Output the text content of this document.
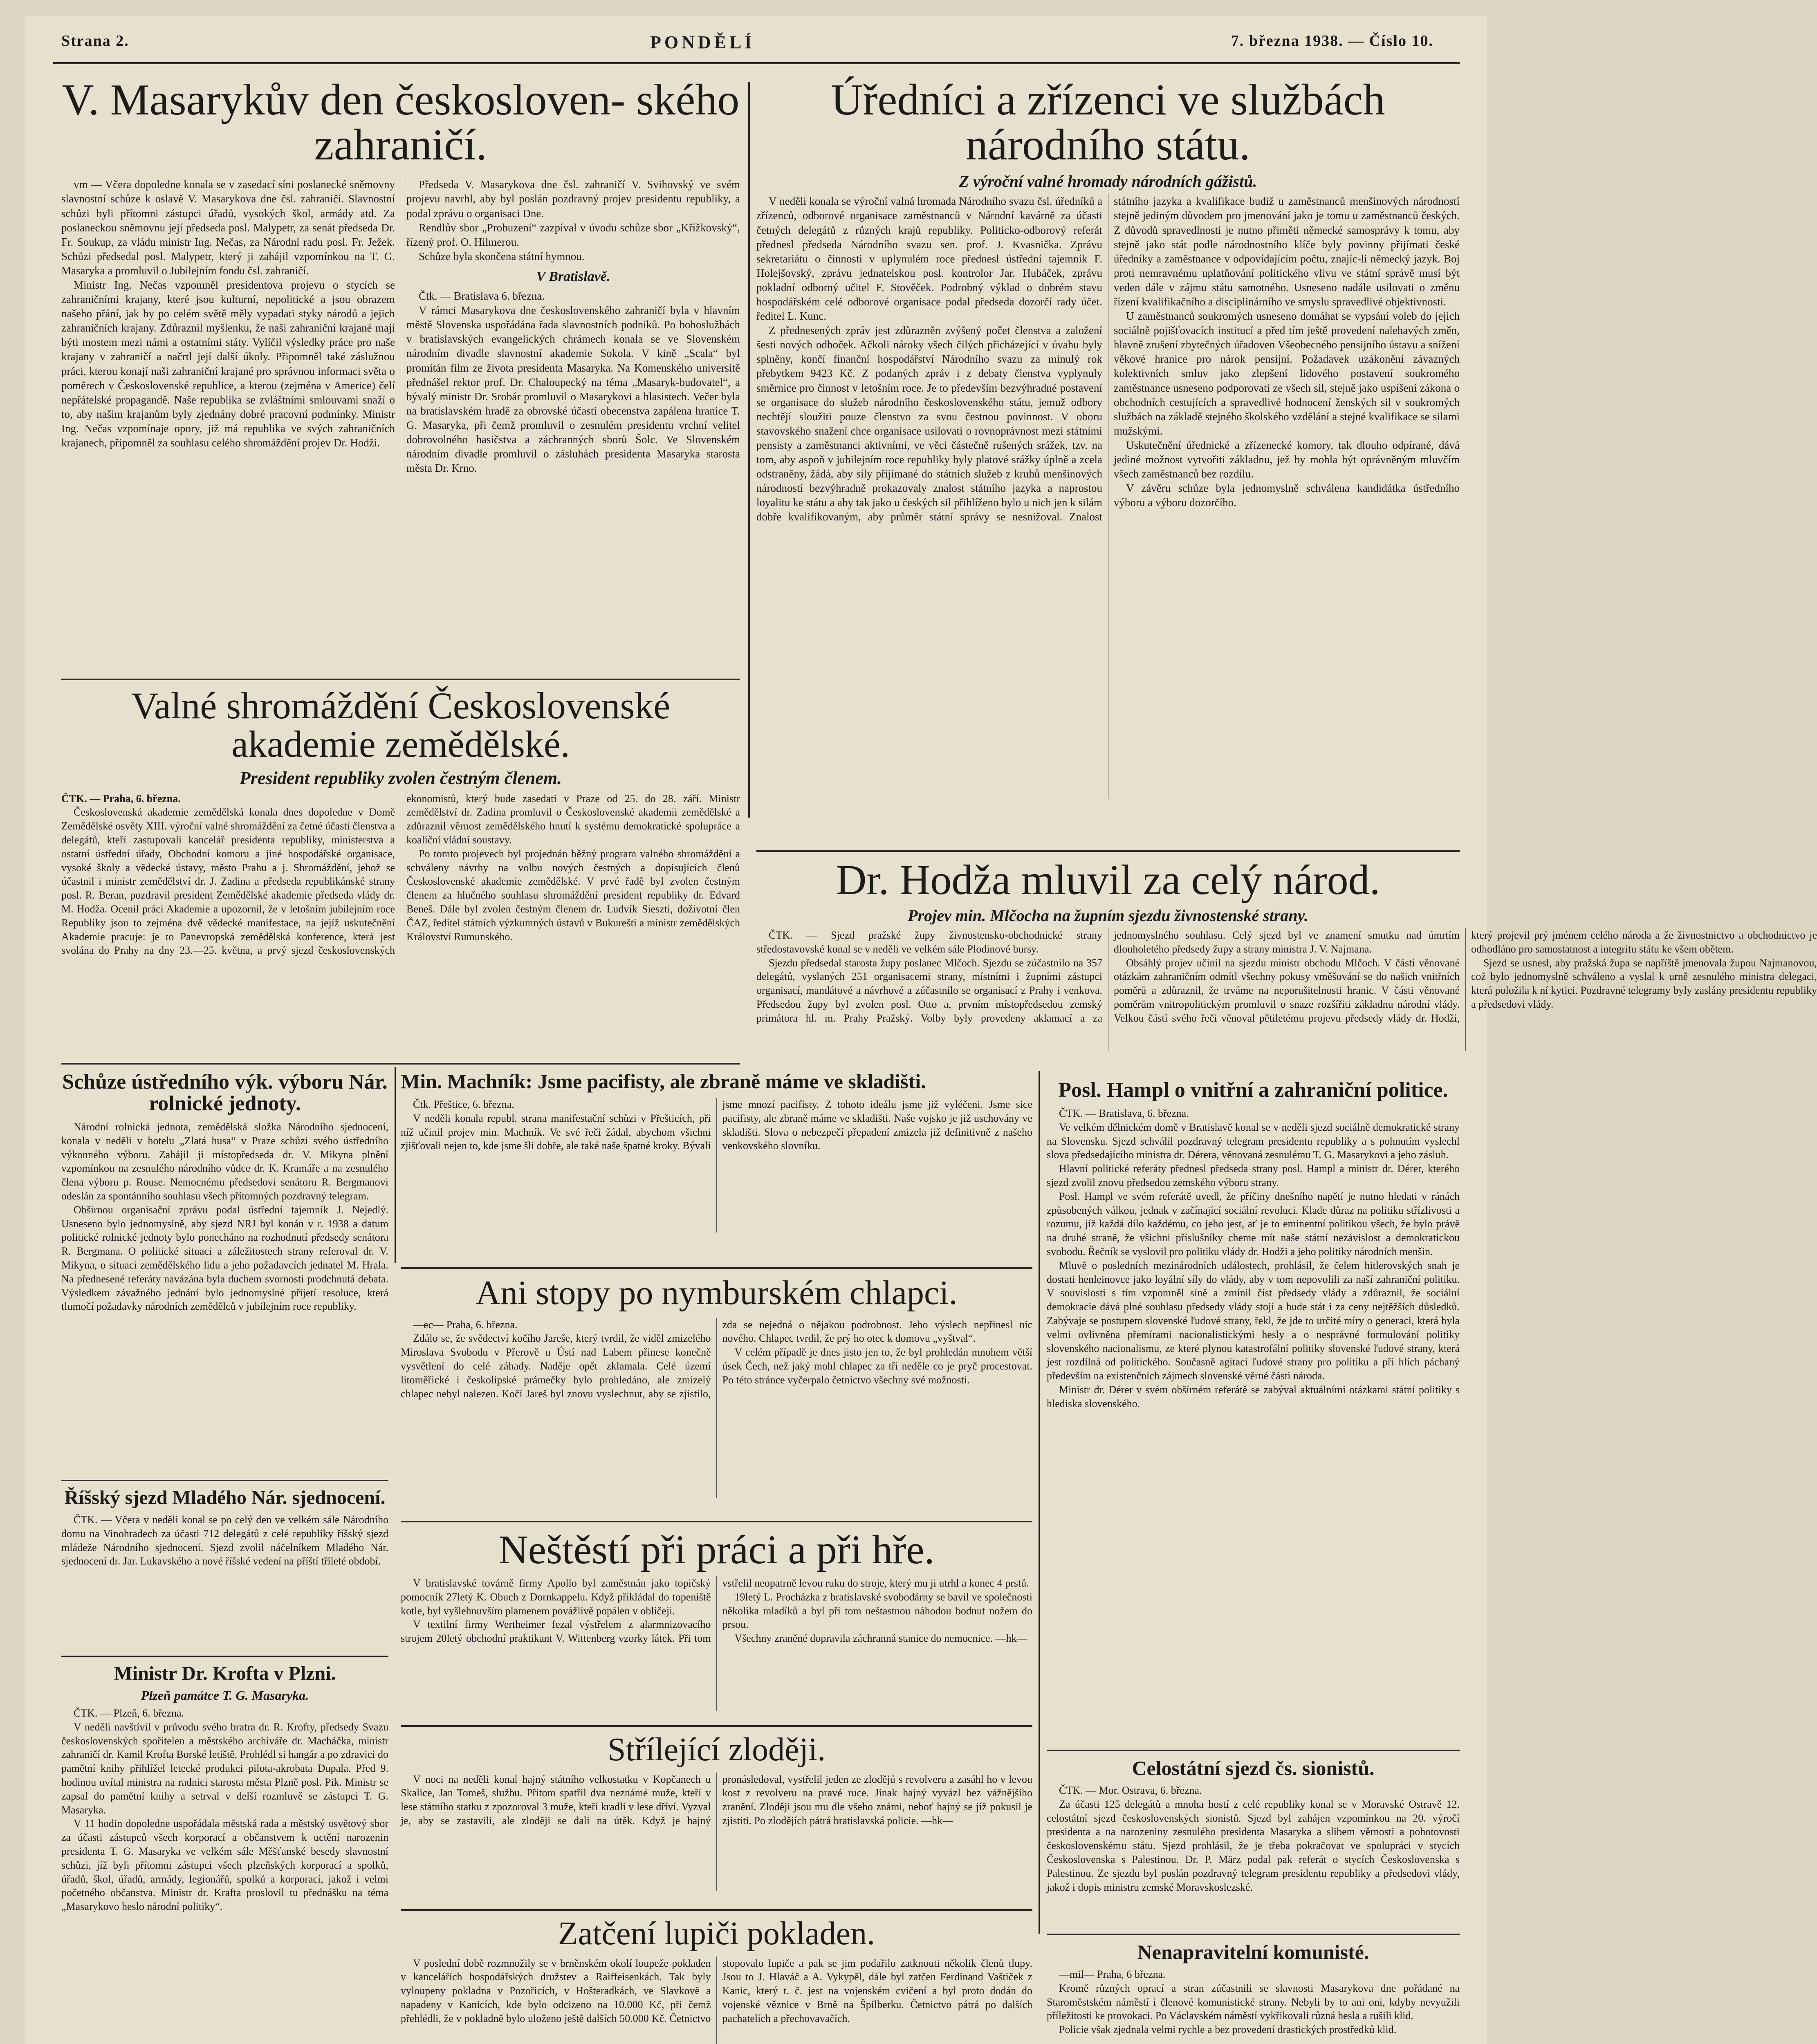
Strana 2.	PONDĚLÍ	7. března 1938. — Číslo 10.
V. Masarykův den českosloven- ského zahraničí.

vm — Včera dopoledne konala se v zasedací síni poslanecké sněmovny slavnostní schůze k oslavě V. Masarykova dne čsl. zahraničí. Slavnostní schůzi byli přítomni zástupci úřadů, vysokých škol, armády atd. Za poslaneckou sněmovnu její předseda posl. Malypetr, za senát předseda Dr. Fr. Soukup, za vládu ministr Ing. Nečas, za Národní radu posl. Fr. Ježek. Schůzi předsedal posl. Malypetr, který ji zahájil vzpomínkou na T. G. Masaryka a promluvil o Jubilejním fondu čsl. zahraničí.

Ministr Ing. Nečas vzpomněl presidentova projevu o stycích se zahraničními krajany, které jsou kulturní, nepolitické a jsou obrazem našeho přání, jak by po celém světě měly vypadati styky národů a jejich zahraničních krajany. Zdůraznil myšlenku, že naši zahraniční krajané mají býti mostem mezi námi a ostatními státy. Vylíčil výsledky práce pro naše krajany v zahraničí a načrtl její další úkoly. Připomněl také záslužnou práci, kterou konají naši zahraniční krajané pro správnou informaci světa o poměrech v Československé republice, a kterou (zejména v Americe) čelí nepřátelské propagandě. Naše republika se zvláštními smlouvami snaží o to, aby našim krajanům byly zjednány dobré pracovní podmínky. Ministr Ing. Nečas vzpomínaje opory, již má republika ve svých zahraničních krajanech, připomněl za souhlasu celého shromáždění projev Dr. Hodži.

Předseda V. Masarykova dne čsl. zahraničí V. Svihovský ve svém projevu navrhl, aby byl poslán pozdravný projev presidentu republiky, a podal zprávu o organisaci Dne.

Rendlův sbor „Probuzení“ zazpíval v úvodu schůze sbor „Křížkovský“, řízený prof. O. Hilmerou.

Schůze byla skončena státní hymnou.

V Bratislavě.

Čtk. — Bratislava 6. března.

V rámci Masarykova dne československého zahraničí byla v hlavním městě Slovenska uspořádána řada slavnostních podniků. Po bohoslužbách v bratislavských evangelických chrámech konala se ve Slovenském národním divadle slavnostní akademie Sokola. V kině „Scala“ byl promítán film ze života presidenta Masaryka. Na Komenského universitě přednášel rektor prof. Dr. Chaloupecký na téma „Masaryk-budovatel“, a bývalý ministr Dr. Srobár promluvil o Masarykovi a hlasistech. Večer byla na bratislavském hradě za obrovské účasti obecenstva zapálena hranice T. G. Masaryka, při čemž promluvil o zesnulém presidentu vrchní velitel dobrovolného hasičstva a záchranných sborů Šolc. Ve Slovenském národním divadle promluvil o zásluhách presidenta Masaryka starosta města Dr. Krno.

Úředníci a zřízenci ve službách národního státu.
Z výroční valné hromady národních gážistů.

V neděli konala se výroční valná hromada Národního svazu čsl. úředníků a zřízenců, odborové organisace zaměstnanců v Národní kavárně za účasti četných delegátů z různých krajů republiky. Politicko-odborový referát přednesl předseda Národního svazu sen. prof. J. Kvasnička. Zprávu sekretariátu o činnosti v uplynulém roce přednesl ústřední tajemník F. Holejšovský, zprávu jednatelskou posl. kontrolor Jar. Hubáček, zprávu pokladní odborný učitel F. Stověček. Podrobný výklad o dobrém stavu hospodářském celé odborové organisace podal předseda dozorčí rady účet. ředitel L. Kunc.

Z přednesených zpráv jest zdůrazněn zvýšený počet členstva a založení šesti nových odboček. Ačkoli nároky všech čilých přicházející v úvahu byly splněny, končí finanční hospodářství Národního svazu za minulý rok přebytkem 9423 Kč. Z podaných zpráv i z debaty členstva vyplynuly směrnice pro činnost v letošním roce. Je to především bezvýhradné postavení se organisace do služeb národního československého státu, jemuž odbory nechtějí sloužiti pouze členstvo za svou čestnou povinnost. V oboru stavovského snažení chce organisace usilovati o rovnoprávnost mezi státními pensisty a zaměstnanci aktivními, ve věci částečně rušených srážek, tzv. na tom, aby aspoň v jubilejním roce republiky byly platové srážky úplně a zcela odstraněny, žádá, aby síly přijímané do státních služeb z kruhů menšinových národností bezvýhradně prokazovaly znalost státního jazyka a naprostou loyalitu ke státu a aby tak jako u českých sil přihlíženo bylo u nich jen k silám dobře kvalifikovaným, aby průměr státní správy se nesnižoval. Znalost státního jazyka a kvalifikace budiž u zaměstnanců menšinových národností stejně jediným důvodem pro jmenování jako je tomu u zaměstnanců českých. Z důvodů spravedlnosti je nutno přiměti německé samosprávy k tomu, aby stejně jako stát podle národnostního klíče byly povinny přijímati české úředníky a zaměstnance v odpovídajícím počtu, znajíc-li německý jazyk. Boj proti nemravnému uplatňování politického vlivu ve státní správě musí být veden dále v zájmu státu samotného. Usneseno nadále usilovati o změnu řízení kvalifikačního a disciplinárního ve smyslu spravedlivé objektivnosti.

U zaměstnanců soukromých usneseno domáhat se vypsání voleb do jejich sociálně pojišťovacích institucí a před tím ještě provedení nalehavých změn, hlavně zrušení zbytečných úřadoven Všeobecného pensijního ústavu a snížení věkové hranice pro nárok pensijní. Požadavek uzákonění závazných kolektivních smluv jako zlepšení lidového postavení soukromého zaměstnance usneseno podporovati ze všech sil, stejně jako uspíšení zákona o obchodních cestujících a spravedlivé hodnocení ženských sil v soukromých službách na základě stejného školského vzdělání a stejné kvalifikace se silami mužskými.

Uskutečnění úřednické a zřízenecké komory, tak dlouho odpírané, dává jediné možnost vytvořiti základnu, jež by mohla být oprávněným mluvčím všech zaměstnanců bez rozdílu.

V závěru schůze byla jednomyslně schválena kandidátka ústředního výboru a výboru dozorčího.

Valné shromáždění Československé akademie zemědělské.
President republiky zvolen čestným členem.

ČTK. — Praha, 6. března.

Československá akademie zemědělská konala dnes dopoledne v Domě Zemědělské osvěty XIII. výroční valné shromáždění za četné účasti členstva a delegátů, kteří zastupovali kancelář presidenta republiky, ministerstva a ostatní ústřední úřady, Obchodní komoru a jiné hospodářské organisace, vysoké školy a vědecké ústavy, město Prahu a j. Shromáždění, jehož se účastnil i ministr zemědělství dr. J. Zadina a předseda republikánské strany posl. R. Beran, pozdravil president Zemědělské akademie předseda vlády dr. M. Hodža. Ocenil práci Akademie a upozornil, že v letošním jubilejním roce Republiky jsou to zejména dvě vědecké manifestace, na jejíž uskutečnění Akademie pracuje: je to Panevropská zemědělská konference, která jest svolána do Prahy na dny 23.—25. května, a prvý sjezd československých ekonomistů, který bude zasedati v Praze od 25. do 28. září. Ministr zemědělství dr. Zadina promluvil o Československé akademii zemědělské a zdůraznil věrnost zemědělského hnutí k systému demokratické spolupráce a koaliční vládní soustavy.

Po tomto projevech byl projednán běžný program valného shromáždění a schváleny návrhy na volbu nových čestných a dopisujících členů Československé akademie zemědělské. V prvé řadě byl zvolen čestným členem za hlučného souhlasu shromáždění president republiky dr. Edvard Beneš. Dále byl zvolen čestným členem dr. Ludvík Sieszti, doživotní člen ČAZ, ředitel státních výzkumných ústavů v Bukurešti a ministr zemědělských Království Rumunského.

Dr. Hodža mluvil za celý národ.
Projev min. Mlčocha na župním sjezdu živnostenské strany.

ČTK. — Sjezd pražské župy živnostensko-obchodnické strany středostavovské konal se v neděli ve velkém sále Plodinové bursy.

Sjezdu předsedal starosta župy poslanec Mlčoch. Sjezdu se zúčastnilo na 357 delegátů, vyslaných 251 organisacemi strany, místními i župními zástupci organisací, mandátové a návrhové a zúčastnilo se organisací z Prahy i venkova. Předsedou župy byl zvolen posl. Otto a, prvním místopředsedou zemský primátora hl. m. Prahy Pražský. Volby byly provedeny aklamací a za jednomyslného souhlasu. Celý sjezd byl ve znamení smutku nad úmrtím dlouholetého předsedy župy a strany ministra J. V. Najmana.

Obsáhlý projev učinil na sjezdu ministr obchodu Mlčoch. V části věnované otázkám zahraničním odmítl všechny pokusy vměšování se do našich vnitřních poměrů a zdůraznil, že trváme na neporušitelnosti hranic. V části věnované poměrům vnitropolitickým promluvil o snaze rozšířiti základnu národní vlády. Velkou částí svého řeči věnoval pětiletému projevu předsedy vlády dr. Hodži, který projevil prý jménem celého národa a že živnostnictvo a obchodnictvo je odhodláno pro samostatnost a integritu státu ke všem obětem.

Sjezd se usnesl, aby pražská župa se napříště jmenovala župou Najmanovou, což bylo jednomyslně schváleno a vyslal k urně zesnulého ministra delegaci, která položila k ní kytici. Pozdravné telegramy byly zaslány presidentu republiky a předsedovi vlády.

Schůze ústředního výk. výboru Nár. rolnické jednoty.

Národní rolnická jednota, zemědělská složka Národního sjednocení, konala v neděli v hotelu „Zlatá husa“ v Praze schůzi svého ústředního výkonného výboru. Zahájil ji místopředseda dr. V. Mikyna plnění vzpomínkou na zesnulého národního vůdce dr. K. Kramáře a na zesnulého člena výboru p. Rouse. Nemocnému předsedovi senátoru R. Bergmanovi odeslán za spontánního souhlasu všech přítomných pozdravný telegram.

Obširnou organisační zprávu podal ústřední tajemník J. Nejedlý. Usneseno bylo jednomyslně, aby sjezd NRJ byl konán v r. 1938 a datum politické rolnické jednoty bylo ponecháno na rozhodnutí předsedy senátora R. Bergmana. O politické situaci a záležitostech strany referoval dr. V. Mikyna, o situaci zemědělského lidu a jeho požadavcích jednatel M. Hrala. Na přednesené referáty navázána byla duchem svornosti prodchnutá debata. Výsledkem závažného jednání bylo jednomyslné přijetí resoluce, která tlumočí požadavky národních zemědělců v jubilejním roce republiky.

Min. Machník: Jsme pacifisty, ale zbraně máme ve skladišti.

Čtk. Přeštice, 6. března.

V neděli konala republ. strana manifestační schůzi v Přešticích, při níž učinil projev min. Machník. Ve své řeči žádal, abychom všichni zjišťovali nejen to, kde jsme šli dobře, ale také naše špatné kroky. Bývali jsme mnozí pacifisty. Z tohoto ideálu jsme již vyléčeni. Jsme sice pacifisty, ale zbraně máme ve skladišti. Naše vojsko je již uschovány ve skladišti. Slova o nebezpečí přepadení zmizela již definitivně z našeho venkovského slovníku.

Posl. Hampl o vnitřní a zahraniční politice.

ČTK. — Bratislava, 6. března.

Ve velkém dělnickém domě v Bratislavě konal se v neděli sjezd sociálně demokratické strany na Slovensku. Sjezd schválil pozdravný telegram presidentu republiky a s pohnutím vyslechl slova předsedajícího ministra dr. Dérera, věnovaná zesnulému T. G. Masarykovi a jeho zásluh.

Hlavní politické referáty přednesl předseda strany posl. Hampl a ministr dr. Dérer, kterého sjezd zvolil znovu předsedou zemského výboru strany.

Posl. Hampl ve svém referátě uvedl, že příčiny dnešního napětí je nutno hledati v ránách způsobených válkou, jednak v začínající sociální revoluci. Klade důraz na politiku střízlivosti a rozumu, jíž každá dílo každému, co jeho jest, ať je to eminentní politikou všech, že bylo právě na druhé straně, že všichni příslušníky cheme mít naše státní nezávislost a demokratickou svobodu. Řečník se vyslovil pro politiku vlády dr. Hodži a jeho politiky národních menšin.

Mluvě o posledních mezinárodních událostech, prohlásil, že čelem hitlerovských snah je dostati henleinovce jako loyální síly do vlády, aby v tom nepovolili za naší zahraniční politiku. V souvislosti s tím vzpomněl síně a zmínil číst předsedy vlády a zdůraznil, že sociální demokracie dává plné souhlasu předsedy vlády stojí a bude stát i za ceny nejtěžších důsledků. Zabývaje se postupem slovenské ľudové strany, řekl, že jde to určité míry o generaci, která byla velmi ovlivněna přemírami nacionalistickými hesly a o nesprávné formulování politiky slovenského nacionalismu, ze které plynou katastrofální politiky slovenské ľudové strany, která jest rozdílná od politického. Současně agitaci ľudové strany pro politiku a při hlích páchaný především na existenčních zájmech slovenské věrné části národa.

Ministr dr. Dérer v svém obšírném referátě se zabýval aktuálními otázkami státní politiky s hlediska slovenského.

Ani stopy po nymburském chlapci.

—ec— Praha, 6. března.

Zdálo se, že svědectví kočího Jareše, který tvrdil, že viděl zmizelého Miroslava Svobodu v Přerově u Ústí nad Labem přinese konečně vysvětlení do celé záhady. Naděje opět zklamala. Celé území litoměřické i českolipské prámečky bylo prohledáno, ale zmizelý chlapec nebyl nalezen. Kočí Jareš byl znovu vyslechnut, aby se zjistilo, zda se nejedná o nějakou podrobnost. Jeho výslech nepřinesl nic nového. Chlapec tvrdil, že prý ho otec k domovu „vyštval“.

V celém případě je dnes jisto jen to, že byl prohledán mnohem větší úsek Čech, než jaký mohl chlapec za tři neděle co je pryč procestovat. Po této stránce vyčerpalo četnictvo všechny své možnosti.

Říšský sjezd Mladého Nár. sjednocení.

ČTK. — Včera v neděli konal se po celý den ve velkém sále Národního domu na Vinohradech za účasti 712 delegátů z celé republiky říšský sjezd mládeže Národního sjednocení. Sjezd zvolil náčelníkem Mladého Nár. sjednocení dr. Jar. Lukavského a nové říšské vedení na příští tříleté období.	Neštěstí při práci a při hře.

V bratislavské továrně firmy Apollo byl zaměstnán jako topičský pomocník 27letý K. Obuch z Dornkappelu. Když přikládal do topeniště kotle, byl vyšlehnuvším plamenem povážlivě popálen v obličeji.

V textilní firmy Wertheimer fezal výstřelem z alarmnizovacího strojem 20letý obchodní praktikant V. Wittenberg vzorky látek. Při tom vstřelil neopatrně levou ruku do stroje, který mu ji utrhl a konec 4 prstů.

19letý L. Procházka z bratislavské svobodárny se bavil ve společnosti několika mladíků a byl při tom neštastnou náhodou bodnut nožem do prsou.

Všechny zraněné dopravila záchranná stanice do nemocnice. —hk—

Ministr Dr. Krofta v Plzni.
Plzeň památce T. G. Masaryka.

ČTK. — Plzeň, 6. března.

V neděli navštívil v průvodu svého bratra dr. R. Krofty, předsedy Svazu československých spořitelen a městského archiváře dr. Macháčka, ministr zahraničí dr. Kamil Krofta Borské letiště. Prohlédl si hangár a po zdravici do pamětní knihy přihlížel letecké produkci pilota-akrobata Dupala. Před 9. hodinou uvítal ministra na radnici starosta města Plzně posl. Pik. Ministr se zapsal do pamětní knihy a setrval v delší rozmluvě se zástupci T. G. Masaryka.

V 11 hodin dopoledne uspořádala městská rada a městský osvětový sbor za účasti zástupců všech korporací a občanstvem k uctění narozenin presidenta T. G. Masaryka ve velkém sále Měšťanské besedy slavnostní schůzi, jíž byli přítomni zástupci všech plzeňských korporací a spolků, úřadů, škol, úřadů, armády, legionářů, spolků a korporací, jakož i velmi početného občanstva. Ministr dr. Krafta proslovil tu přednášku na téma „Masarykovo heslo národní politiky“.

Střílející zloději.

V noci na neděli konal hajný státního velkostatku v Kopčanech u Skalice, Jan Tomeš, službu. Přitom spatřil dva neznámé muže, kteří v lese státního statku z zpozoroval 3 muže, kteří kradli v lese dříví. Vyzval je, aby se zastavili, ale zloději se dali na útěk. Když je hajný pronásledoval, vystřelil jeden ze zlodějů s revolveru a zasáhl ho v levou kost z revolveru na pravé ruce. Jinak hajný vyvázl bez vážnějšího zranění. Zloději jsou mu dle všeho známi, neboť hajný se jíž pokusil je zjistiti. Po zlodějích pátrá bratislavská policie. —hk—

Celostátní sjezd čs. sionistů.

ČTK. — Mor. Ostrava, 6. března.

Za účasti 125 delegátů a mnoha hostí z celé republiky konal se v Moravské Ostravě 12. celostátní sjezd československých sionistů. Sjezd byl zahájen vzpomínkou na 20. výročí presidenta a na narozeniny zesnulého presidenta Masaryka a slibem věrnosti a pohotovosti československému státu. Sjezd prohlásil, že je třeba pokračovat ve spolupráci v stycích Československa s Palestinou. Dr. P. März podal pak referát o stycích Československa s Palestinou. Ze sjezdu byl poslán pozdravný telegram presidentu republiky a předsedovi vlády, jakož i dopis ministru zemské Moravskoslezské.

Zatčení lupiči pokladen.

V poslední době rozmnožily se v brněnském okolí loupeže pokladen v kancelářích hospodářských družstev a Raiffeisenkách. Tak byly vyloupeny pokladna v Pozořicích, v Hošteradkách, ve Slavkově a napadeny v Kanicích, kde bylo odcizeno na 10.000 Kč, při čemž přehlédli, že v pokladně bylo uloženo ještě dalších 50.000 Kč. Četnictvo stopovalo lupiče a pak se jim podařilo zatknouti několik členů tlupy. Jsou to J. Hlaváč a A. Vykypěl, dále byl zatčen Ferdinand Vaštiček z Kanic, který t. č. jest na vojenském cvičení a byl proto dodán do vojenské věznice v Brně na Špilberku. Četnictvo pátrá po dalších pachatelích a přechovavačích.

Nenapravitelní komunisté.

—mil— Praha, 6 března.

Kromě různých oprací a stran zúčastnili se slavnosti Masarykova dne pořádané na Staroměstském náměstí i členové komunistické strany. Nebyli by to ani oni, kdyby nevyužili příležitosti ke provokaci. Po Václavském náměstí vykřikovali různá hesla a rušili klid.

Policie však zjednala velmi rychle a bez provedení drastických prostředků klid.
